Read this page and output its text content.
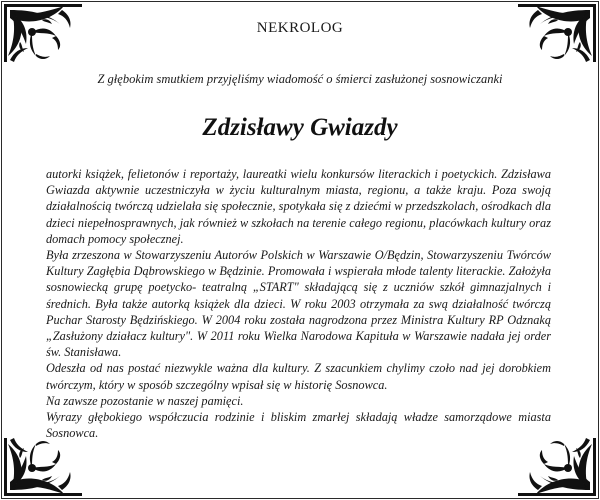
NEKROLOG
Z głębokim smutkiem przyjęliśmy wiadomość o śmierci zasłużonej sosnowiczanki
Zdzisławy Gwiazdy

autorki książek, felietonów i reportaży, laureatki wielu konkursów literackich i poetyckich. Zdzisława Gwiazda aktywnie uczestniczyła w życiu kulturalnym miasta, regionu, a także kraju. Poza swoją działalnością twórczą udzielała się społecznie, spotykała się z dziećmi w przedszkolach, ośrodkach dla dzieci niepełnosprawnych, jak również w szkołach na terenie całego regionu, placówkach kultury oraz domach pomocy społecznej.

Była zrzeszona w Stowarzyszeniu Autorów Polskich w Warszawie O/Będzin, Stowarzyszeniu Twórców Kultury Zagłębia Dąbrowskiego w Będzinie. Promowała i wspierała młode talenty literackie. Założyła sosnowiecką grupę poetycko- teatralną „START" składającą się z uczniów szkół gimnazjalnych i średnich. Była także autorką książek dla dzieci. W roku 2003 otrzymała za swą działalność twórczą Puchar Starosty Będzińskiego. W 2004 roku została nagrodzona przez Ministra Kultury RP Odznaką „Zasłużony działacz kultury". W 2011 roku Wielka Narodowa Kapituła w Warszawie nadała jej order św. Stanisława.

Odeszła od nas postać niezwykle ważna dla kultury. Z szacunkiem chylimy czoło nad jej dorobkiem twórczym, który w sposób szczególny wpisał się w historię Sosnowca.

Na zawsze pozostanie w naszej pamięci.

Wyrazy głębokiego współczucia rodzinie i bliskim zmarłej składają władze samorządowe miasta Sosnowca.
